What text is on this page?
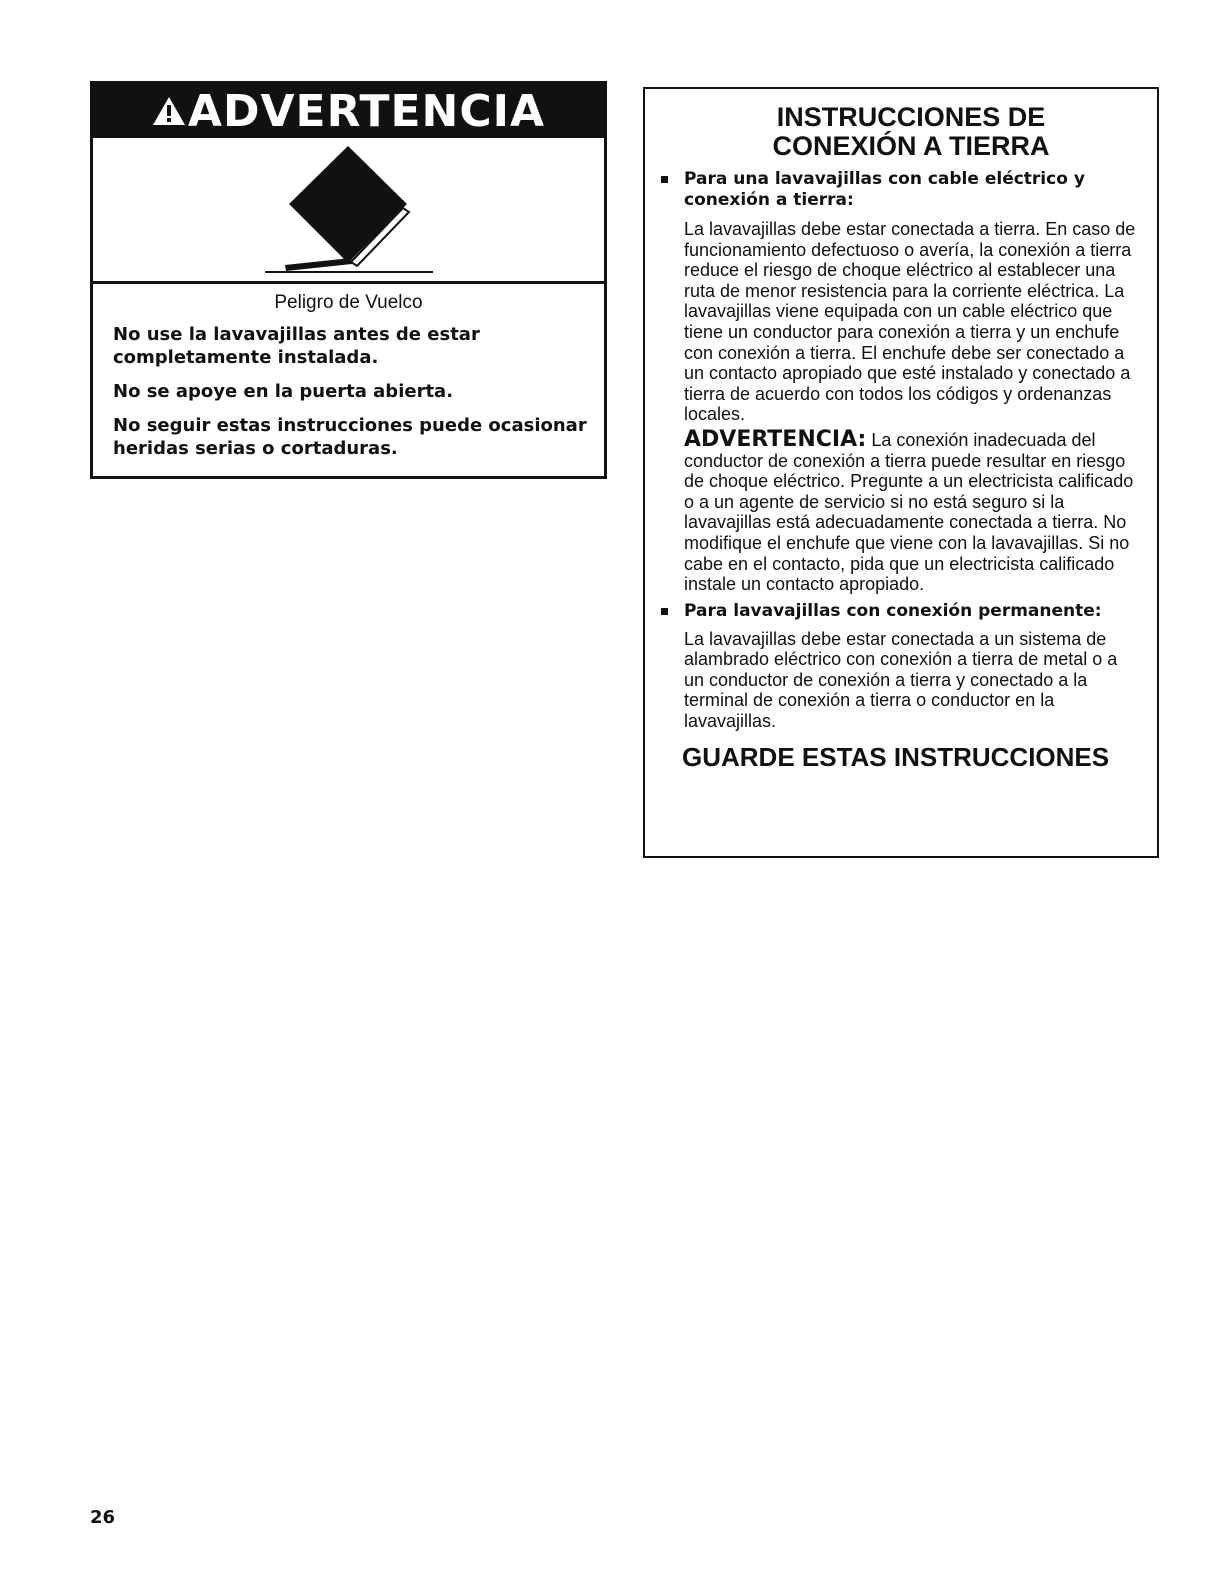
ADVERTENCIA
Peligro de Vuelco
No use la lavavajillas antes de estar completamente instalada.
No se apoye en la puerta abierta.
No seguir estas instrucciones puede ocasionar heridas serias o cortaduras.
INSTRUCCIONES DE
CONEXIÓN A TIERRA
Para una lavavajillas con cable eléctrico y conexión a tierra:
La lavavajillas debe estar conectada a tierra. En caso de funcionamiento defectuoso o avería, la conexión a tierra reduce el riesgo de choque eléctrico al establecer una ruta de menor resistencia para la corriente eléctrica. La lavavajillas viene equipada con un cable eléctrico que tiene un conductor para conexión a tierra y un enchufe con conexión a tierra. El enchufe debe ser conectado a un contacto apropiado que esté instalado y conectado a tierra de acuerdo con todos los códigos y ordenanzas locales.
ADVERTENCIA: La conexión inadecuada del conductor de conexión a tierra puede resultar en riesgo de choque eléctrico. Pregunte a un electricista calificado o a un agente de servicio si no está seguro si la lavavajillas está adecuadamente conectada a tierra. No modifique el enchufe que viene con la lavavajillas. Si no cabe en el contacto, pida que un electricista calificado instale un contacto apropiado.
Para lavavajillas con conexión permanente:
La lavavajillas debe estar conectada a un sistema de alambrado eléctrico con conexión a tierra de metal o a un conductor de conexión a tierra y conectado a la terminal de conexión a tierra o conductor en la lavavajillas.
GUARDE ESTAS INSTRUCCIONES
26
